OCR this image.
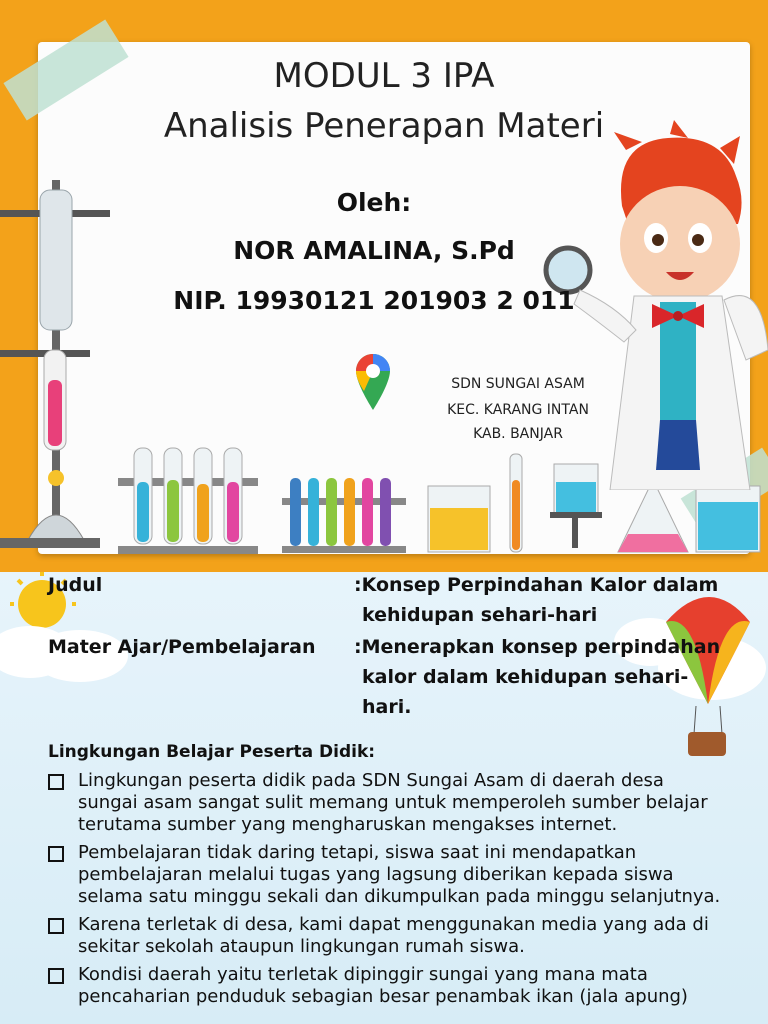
MODUL 3 IPA
Analisis Penerapan Materi
Oleh:
NOR AMALINA, S.Pd
NIP. 19930121 201903 2 011
SDN SUNGAI ASAM
KEC. KARANG INTAN
KAB. BANJAR
Judul	:Konsep Perpindahan Kalor dalam
kehidupan sehari-hari
Mater Ajar/Pembelajaran :Menerapkan konsep perpindahan
kalor dalam kehidupan sehari-
hari.
Lingkungan Belajar Peserta Didik:
Lingkungan peserta didik pada SDN Sungai Asam di daerah desa sungai asam sangat sulit memang untuk memperoleh sumber belajar terutama sumber yang mengharuskan mengakses internet.
Pembelajaran tidak daring tetapi, siswa saat ini mendapatkan pembelajaran melalui tugas yang lagsung diberikan kepada siswa selama satu minggu sekali dan dikumpulkan pada minggu selanjutnya.
Karena terletak di desa, kami dapat menggunakan media yang ada di sekitar sekolah ataupun lingkungan rumah siswa.
Kondisi daerah yaitu terletak dipinggir sungai yang mana mata pencaharian penduduk sebagian besar penambak ikan (jala apung)
